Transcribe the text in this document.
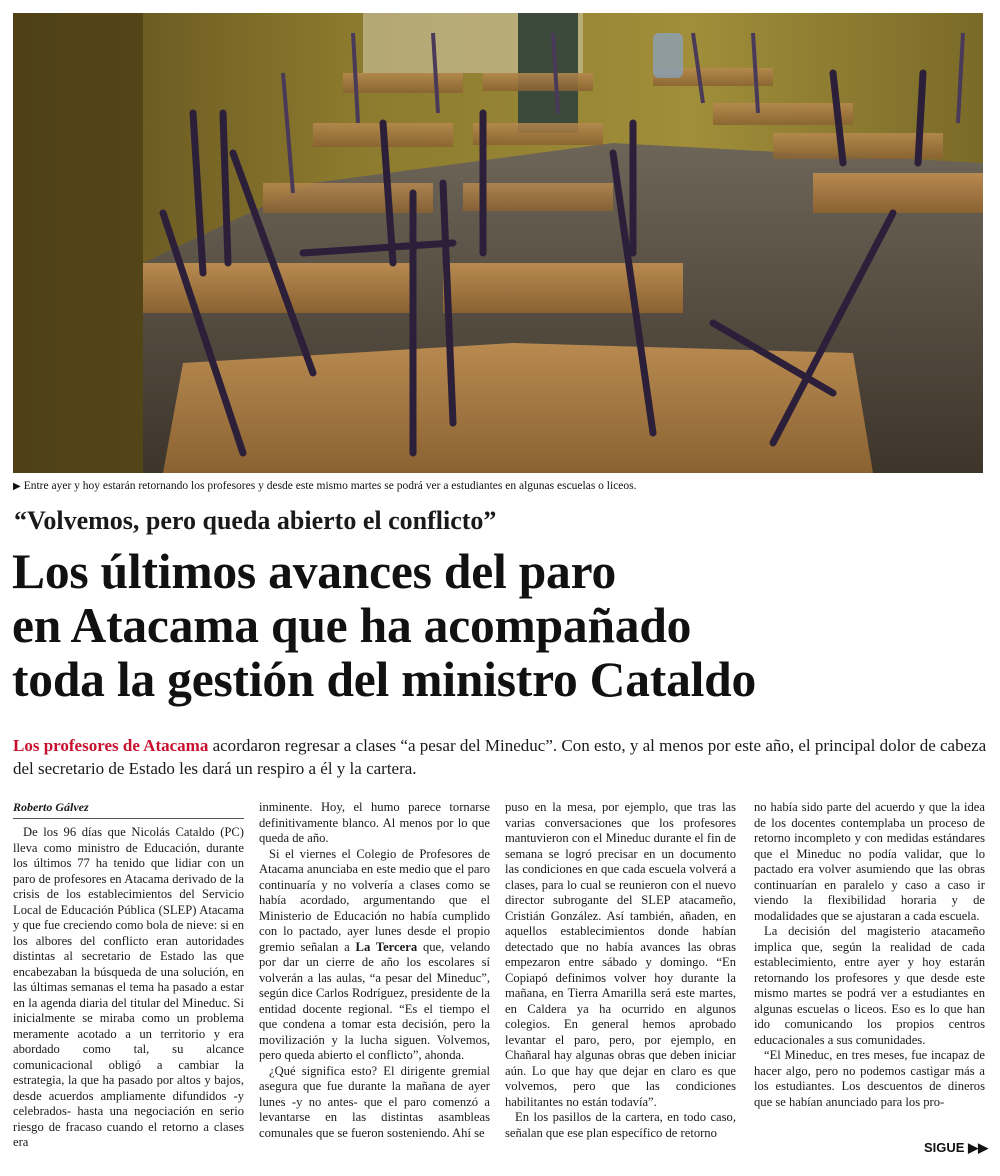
▶ Entre ayer y hoy estarán retornando los profesores y desde este mismo martes se podrá ver a estudiantes en algunas escuelas o liceos.
“Volvemos, pero queda abierto el conflicto”
Los últimos avances del paro
en Atacama que ha acompañado
toda la gestión del ministro Cataldo
Los profesores de Atacama acordaron regresar a clases “a pesar del Mineduc”. Con esto, y al menos por este año, el principal dolor de cabeza del secretario de Estado les dará un respiro a él y la cartera.
Roberto Gálvez

De los 96 días que Nicolás Cataldo (PC) lleva como ministro de Educación, durante los últimos 77 ha tenido que lidiar con un paro de profesores en Atacama derivado de la crisis de los establecimientos del Servicio Local de Educación Pública (SLEP) Atacama y que fue creciendo como bola de nieve: si en los albores del conflicto eran autoridades distintas al secretario de Estado las que encabezaban la búsqueda de una solución, en las últimas semanas el tema ha pasado a estar en la agenda diaria del titular del Mineduc. Si inicialmente se miraba como un problema meramente acotado a un territorio y era abordado como tal, su alcance comunicacional obligó a cambiar la estrategia, la que ha pasado por altos y bajos, desde acuerdos ampliamente difundidos -y celebrados- hasta una negociación en serio riesgo de fracaso cuando el retorno a clases era

inminente. Hoy, el humo parece tornarse definitivamente blanco. Al menos por lo que queda de año.

Si el viernes el Colegio de Profesores de Atacama anunciaba en este medio que el paro continuaría y no volvería a clases como se había acordado, argumentando que el Ministerio de Educación no había cumplido con lo pactado, ayer lunes desde el propio gremio señalan a La Tercera que, velando por dar un cierre de año los escolares sí volverán a las aulas, “a pesar del Mineduc”, según dice Carlos Rodríguez, presidente de la entidad docente regional. “Es el tiempo el que condena a tomar esta decisión, pero la movilización y la lucha siguen. Volvemos, pero queda abierto el conflicto”, ahonda.

¿Qué significa esto? El dirigente gremial asegura que fue durante la mañana de ayer lunes -y no antes- que el paro comenzó a levantarse en las distintas asambleas comunales que se fueron sosteniendo. Ahí se

puso en la mesa, por ejemplo, que tras las varias conversaciones que los profesores mantuvieron con el Mineduc durante el fin de semana se logró precisar en un documento las condiciones en que cada escuela volverá a clases, para lo cual se reunieron con el nuevo director subrogante del SLEP atacameño, Cristián González. Así también, añaden, en aquellos establecimientos donde habían detectado que no había avances las obras empezaron entre sábado y domingo. “En Copiapó definimos volver hoy durante la mañana, en Tierra Amarilla será este martes, en Caldera ya ha ocurrido en algunos colegios. En general hemos aprobado levantar el paro, pero, por ejemplo, en Chañaral hay algunas obras que deben iniciar aún. Lo que hay que dejar en claro es que volvemos, pero que las condiciones habilitantes no están todavía”.

En los pasillos de la cartera, en todo caso, señalan que ese plan específico de retorno

no había sido parte del acuerdo y que la idea de los docentes contemplaba un proceso de retorno incompleto y con medidas estándares que el Mineduc no podía validar, que lo pactado era volver asumiendo que las obras continuarían en paralelo y caso a caso ir viendo la flexibilidad horaria y de modalidades que se ajustaran a cada escuela.

La decisión del magisterio atacameño implica que, según la realidad de cada establecimiento, entre ayer y hoy estarán retornando los profesores y que desde este mismo martes se podrá ver a estudiantes en algunas escuelas o liceos. Eso es lo que han ido comunicando los propios centros educacionales a sus comunidades.

“El Mineduc, en tres meses, fue incapaz de hacer algo, pero no podemos castigar más a los estudiantes. Los descuentos de dineros que se habían anunciado para los pro-

SIGUE ▶▶
